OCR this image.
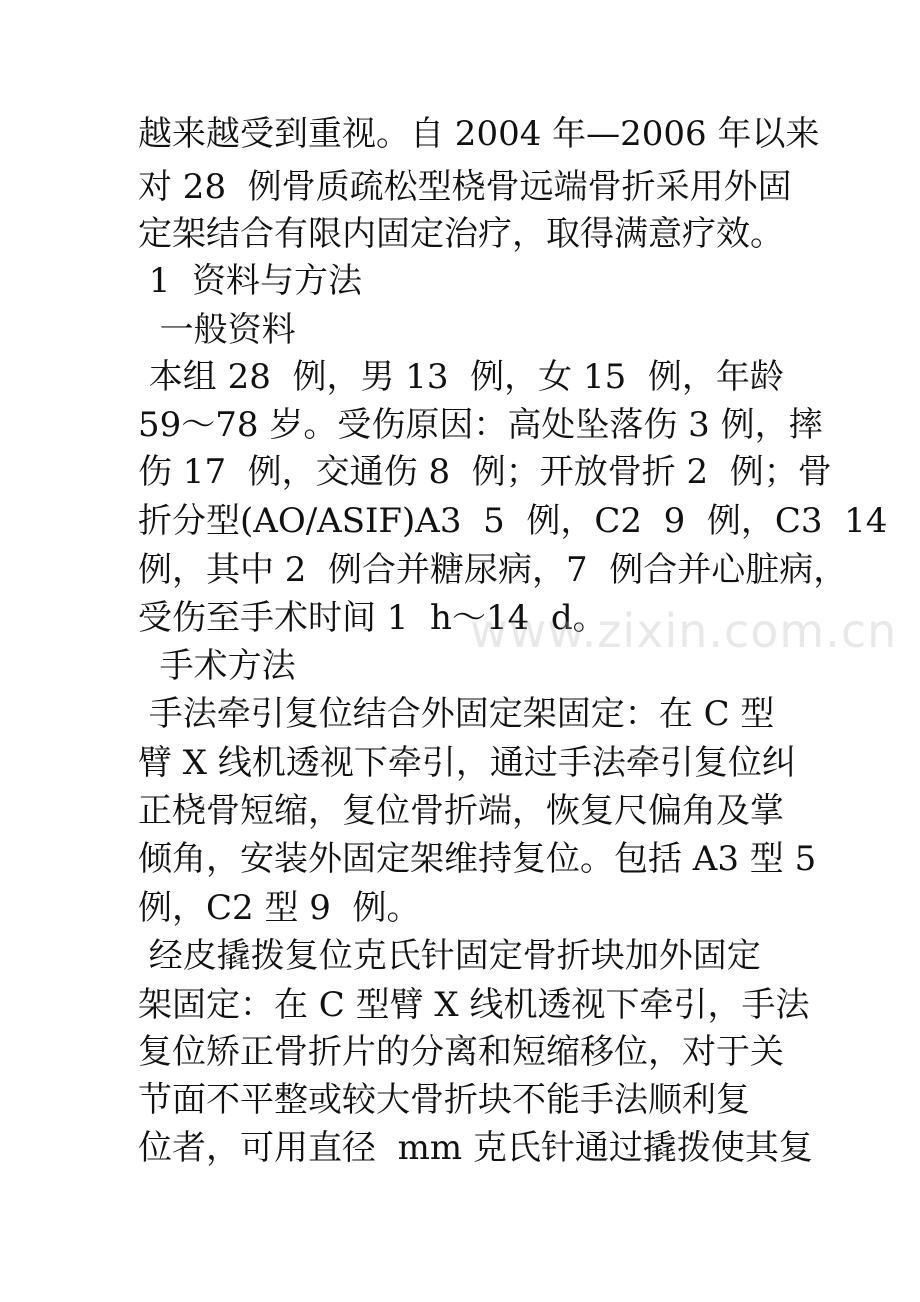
越来越受到重视。自 2004 年—2006 年以来
对 28  例骨质疏松型桡骨远端骨折采用外固
定架结合有限内固定治疗，取得满意疗效。
1  资料与方法
一般资料
本组 28  例，男 13  例，女 15  例，年龄
59～78 岁。受伤原因：高处坠落伤 3 例，摔
伤 17  例，交通伤 8  例；开放骨折 2  例；骨
折分型(AO/ASIF)A3  5  例，C2  9  例，C3  14
例，其中 2  例合并糖尿病，7  例合并心脏病，
受伤至手术时间 1  h～14  d。
手术方法
手法牵引复位结合外固定架固定：在 C 型
臂 X 线机透视下牵引，通过手法牵引复位纠
正桡骨短缩，复位骨折端，恢复尺偏角及掌
倾角，安装外固定架维持复位。包括 A3 型 5
例，C2 型 9  例。
经皮撬拨复位克氏针固定骨折块加外固定
架固定：在 C 型臂 X 线机透视下牵引，手法
复位矫正骨折片的分离和短缩移位，对于关
节面不平整或较大骨折块不能手法顺利复
位者，可用直径  mm 克氏针通过撬拨使其复
www.zixin.com.cn
